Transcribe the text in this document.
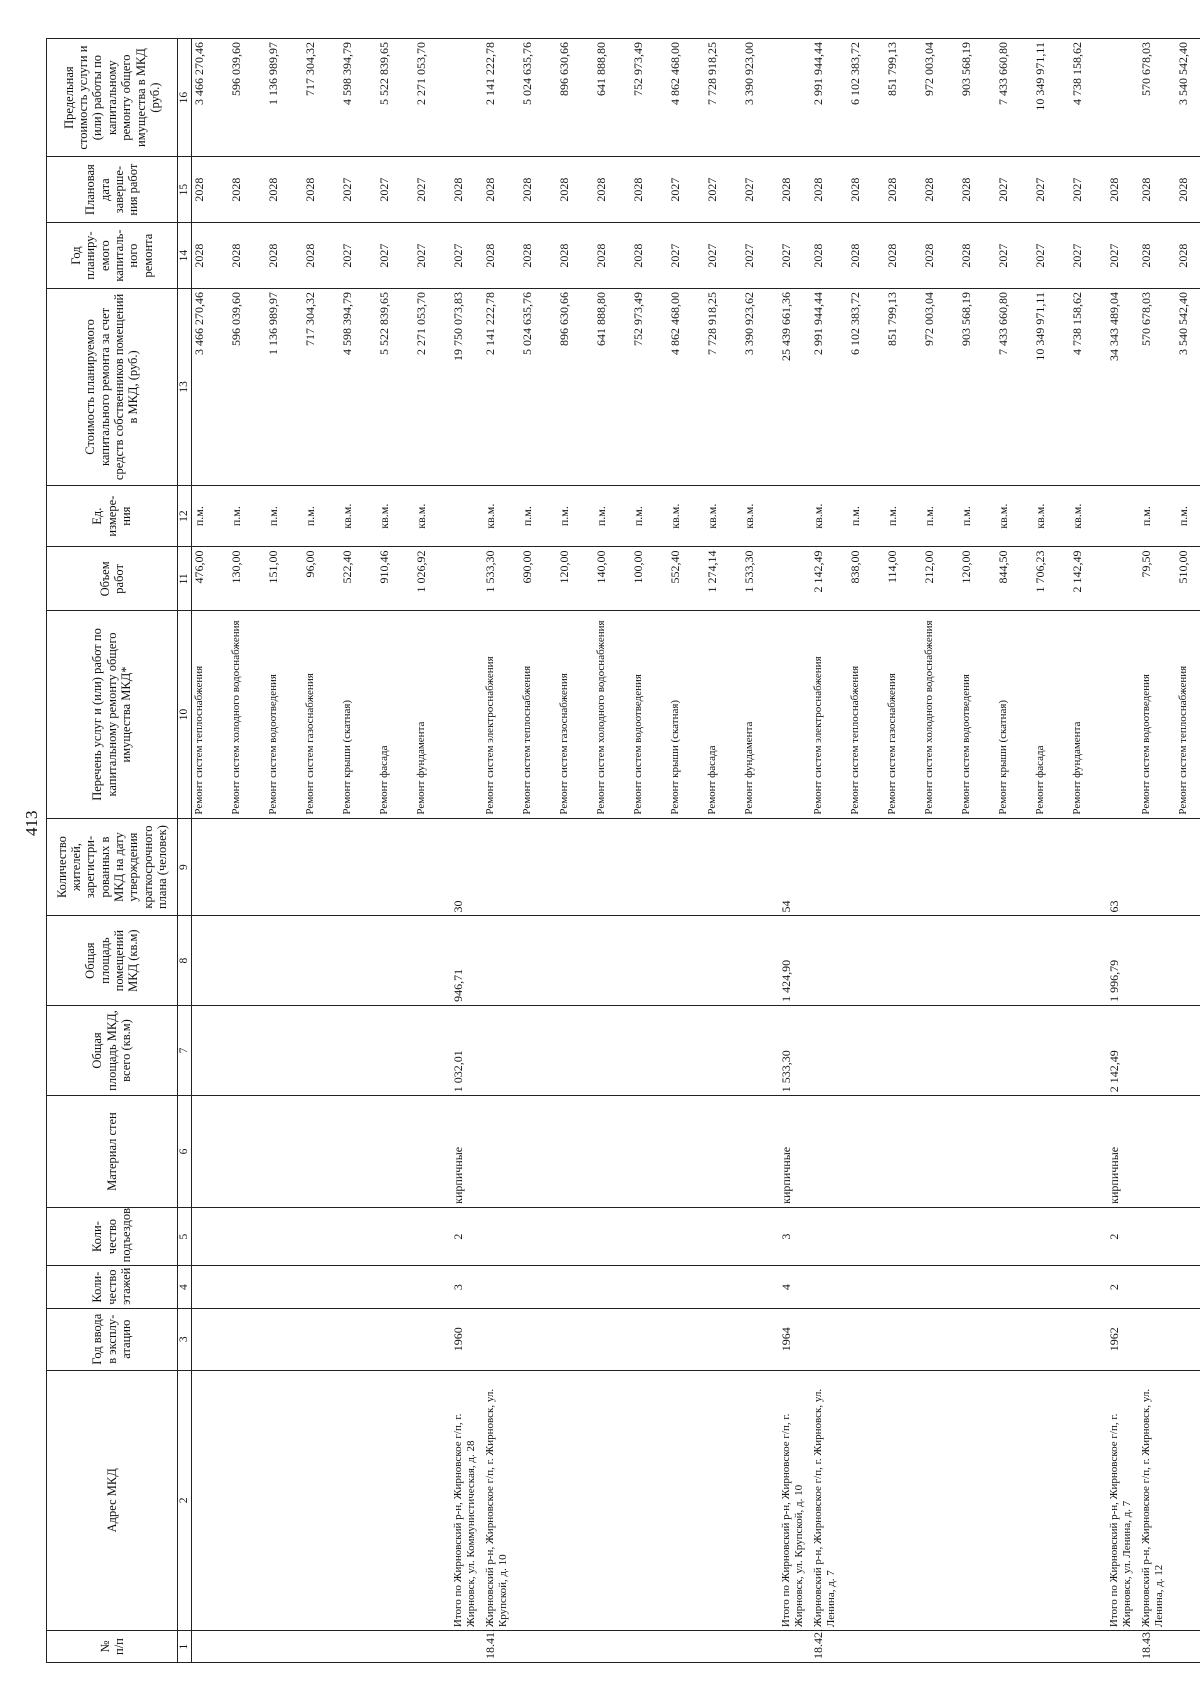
413
№ п/п	Адрес МКД	Год ввода в эксплу-атацию	Коли-чество этажей	Коли-чество подъездов	Материал стен	Общая площадь МКД, всего (кв.м)	Общая площадь помещений МКД (кв.м)	Количество жителей, зарегистри-рованных в МКД на дату утверждения краткосрочного плана (человек)	Перечень услуг и (или) работ по капитальному ремонту общего имущества МКД*	Объем работ	Ед. измере-ния	Стоимость планируемого капитального ремонта за счет средств собственников помещений в МКД, (руб.)	Год планиру-емого капиталь-ного ремонта	Плановая дата заверше-ния работ	Предельная стоимость услуги и (или) работы по капитальному ремонту общего имущества в МКД (руб.)
1	2	3	4	5	6	7	8	9	10	11	12	13	14	15	16
									Ремонт систем теплоснабжения	476,00	п.м.	3 466 270,46	2028	2028	3 466 270,46
									Ремонт систем холодного водоснабжения	130,00	п.м.	596 039,60	2028	2028	596 039,60
									Ремонт систем водоотведения	151,00	п.м.	1 136 989,97	2028	2028	1 136 989,97
									Ремонт систем газоснабжения	96,00	п.м.	717 304,32	2028	2028	717 304,32
									Ремонт крыши (скатная)	522,40	кв.м.	4 598 394,79	2027	2027	4 598 394,79
									Ремонт фасада	910,46	кв.м.	5 522 839,65	2027	2027	5 522 839,65
									Ремонт фундамента	1 026,92	кв.м.	2 271 053,70	2027	2027	2 271 053,70
	Итого по Жирновский р-н, Жирновское г/п, г. Жирновск, ул. Коммунистическая, д. 28	1960	3	2	кирпичные	1 032,01	946,71	30				19 750 073,83	2027	2028	
18.41.	Жирновский р-н, Жирновское г/п, г. Жирновск, ул. Крупской, д. 10								Ремонт систем электроснабжения	1 533,30	кв.м.	2 141 222,78	2028	2028	2 141 222,78
									Ремонт систем теплоснабжения	690,00	п.м.	5 024 635,76	2028	2028	5 024 635,76
									Ремонт систем газоснабжения	120,00	п.м.	896 630,66	2028	2028	896 630,66
									Ремонт систем холодного водоснабжения	140,00	п.м.	641 888,80	2028	2028	641 888,80
									Ремонт систем водоотведения	100,00	п.м.	752 973,49	2028	2028	752 973,49
									Ремонт крыши (скатная)	552,40	кв.м.	4 862 468,00	2027	2027	4 862 468,00
									Ремонт фасада	1 274,14	кв.м.	7 728 918,25	2027	2027	7 728 918,25
									Ремонт фундамента	1 533,30	кв.м.	3 390 923,62	2027	2027	3 390 923,00
	Итого по Жирновский р-н, Жирновское г/п, г. Жирновск, ул. Крупской, д. 10	1964	4	3	кирпичные	1 533,30	1 424,90	54				25 439 661,36	2027	2028	
18.42.	Жирновский р-н, Жирновское г/п, г. Жирновск, ул. Ленина, д. 7								Ремонт систем электроснабжения	2 142,49	кв.м.	2 991 944,44	2028	2028	2 991 944,44
									Ремонт систем теплоснабжения	838,00	п.м.	6 102 383,72	2028	2028	6 102 383,72
									Ремонт систем газоснабжения	114,00	п.м.	851 799,13	2028	2028	851 799,13
									Ремонт систем холодного водоснабжения	212,00	п.м.	972 003,04	2028	2028	972 003,04
									Ремонт систем водоотведения	120,00	п.м.	903 568,19	2028	2028	903 568,19
									Ремонт крыши (скатная)	844,50	кв.м.	7 433 660,80	2027	2027	7 433 660,80
									Ремонт фасада	1 706,23	кв.м.	10 349 971,11	2027	2027	10 349 971,11
									Ремонт фундамента	2 142,49	кв.м.	4 738 158,62	2027	2027	4 738 158,62
	Итого по Жирновский р-н, Жирновское г/п, г. Жирновск, ул. Ленина, д. 7	1962	2	2	кирпичные	2 142,49	1 996,79	63				34 343 489,04	2027	2028	
18.43.	Жирновский р-н, Жирновское г/п, г. Жирновск, ул. Ленина, д. 12								Ремонт систем водоотведения	79,50	п.м.	570 678,03	2028	2028	570 678,03
									Ремонт систем теплоснабжения	510,00	п.м.	3 540 542,40	2028	2028	3 540 542,40
